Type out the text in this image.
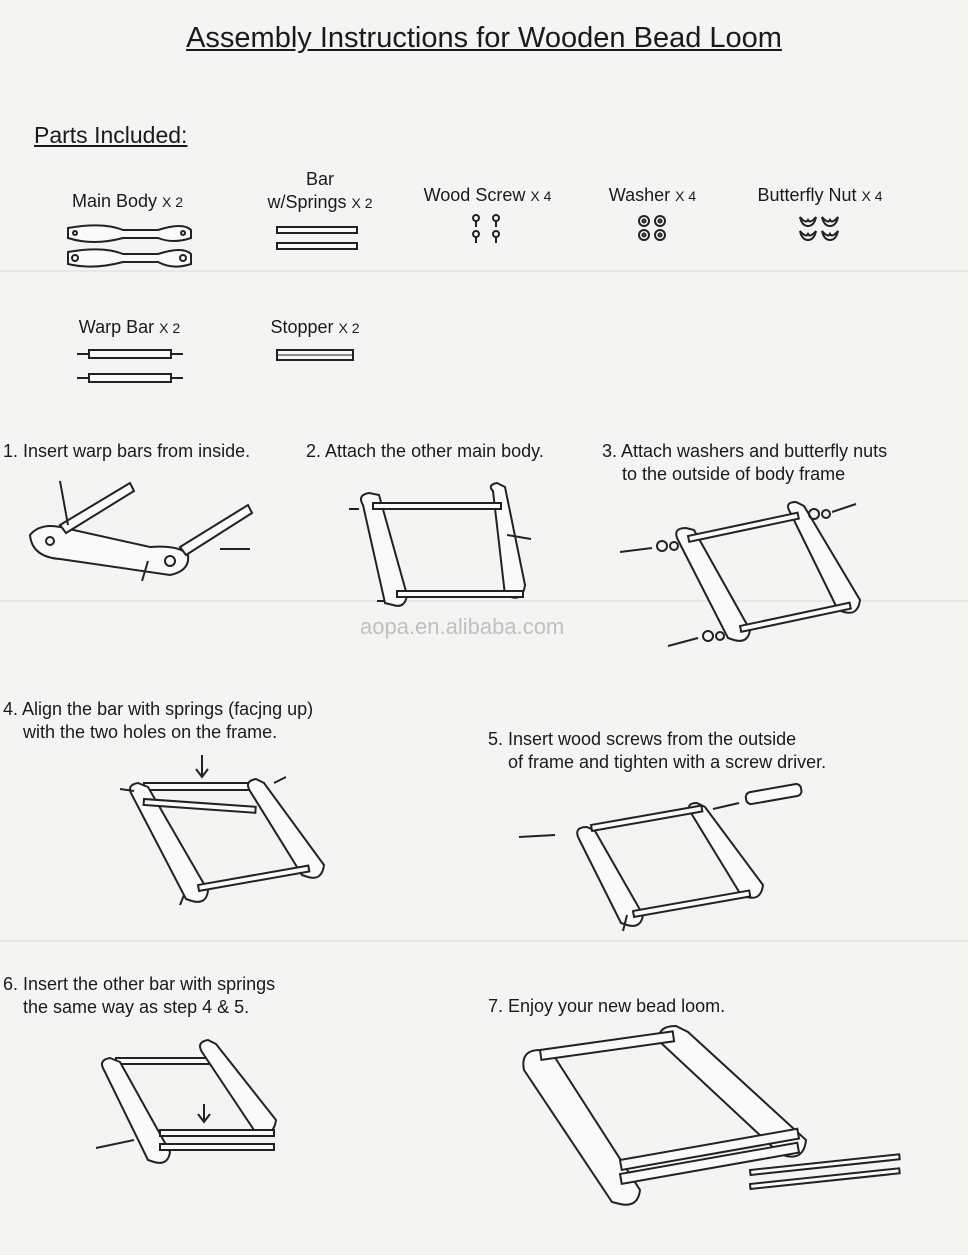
Assembly Instructions for Wooden Bead Loom
Parts Included:
Main Body X 2
Bar
w/Springs X 2	Wood Screw X 4	Washer X 4	Butterfly Nut X 4
Warp Bar X 2	Stopper X 2
1. Insert warp bars from inside.	2. Attach the other main body.	3. Attach washers and butterfly nuts
to the outside of body frame
4. Align the bar with springs (facjng up)
with the two holes on the frame.	5. Insert wood screws from the outside
of frame and tighten with a screw driver.
6. Insert the other bar with springs
the same way as step 4 & 5.	7. Enjoy your new bead loom.
aopa.en.alibaba.com
